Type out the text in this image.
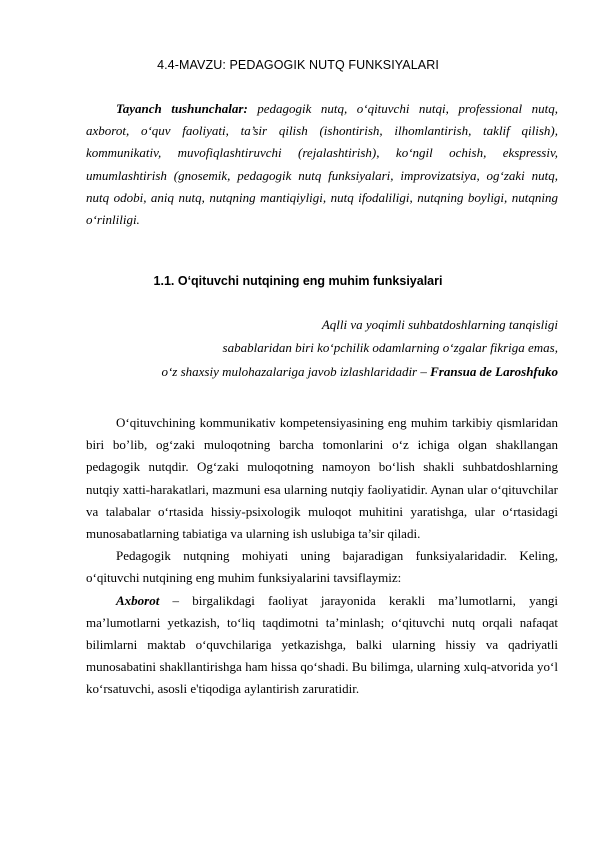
4.4-MAVZU: PEDAGOGIK NUTQ FUNKSIYALARI
Tayanch tushunchalar: pedagogik nutq, o‘qituvchi nutqi, professional nutq, axborot, o‘quv faoliyati, ta’sir qilish (ishontirish, ilhomlantirish, taklif qilish), kommunikativ, muvofiqlashtiruvchi (rejalashtirish), ko‘ngil ochish, ekspressiv, umumlashtirish (gnosemik, pedagogik nutq funksiyalari, improvizatsiya, og‘zaki nutq, nutq odobi, aniq nutq, nutqning mantiqiyligi, nutq ifodaliligi, nutqning boyligi, nutqning o‘rinliligi.
1.1. O‘qituvchi nutqining eng muhim funksiyalari
Aqlli va yoqimli suhbatdoshlarning tanqisligi
sabablaridan biri ko‘pchilik odamlarning o‘zgalar fikriga emas,
o‘z shaxsiy mulohazalariga javob izlashlaridadir – Fransua de Laroshfuko

O‘qituvchining kommunikativ kompetensiyasining eng muhim tarkibiy qismlaridan biri bo’lib, og‘zaki muloqotning barcha tomonlarini o‘z ichiga olgan shakllangan pedagogik nutqdir. Og‘zaki muloqotning namoyon bo‘lish shakli suhbatdoshlarning nutqiy xatti-harakatlari, mazmuni esa ularning nutqiy faoliyatidir. Aynan ular o‘qituvchilar va talabalar o‘rtasida hissiy-psixologik muloqot muhitini yaratishga, ular o‘rtasidagi munosabatlarning tabiatiga va ularning ish uslubiga ta’sir qiladi.

Pedagogik nutqning mohiyati uning bajaradigan funksiyalaridadir. Keling, o‘qituvchi nutqining eng muhim funksiyalarini tavsiflaymiz:

Axborot – birgalikdagi faoliyat jarayonida kerakli ma’lumotlarni, yangi ma’lumotlarni yetkazish, to‘liq taqdimotni ta’minlash; o‘qituvchi nutq orqali nafaqat bilimlarni maktab o‘quvchilariga yetkazishga, balki ularning hissiy va qadriyatli munosabatini shakllantirishga ham hissa qo‘shadi. Bu bilimga, ularning xulq-atvorida yo‘l ko‘rsatuvchi, asosli e'tiqodiga aylantirish zaruratidir.
